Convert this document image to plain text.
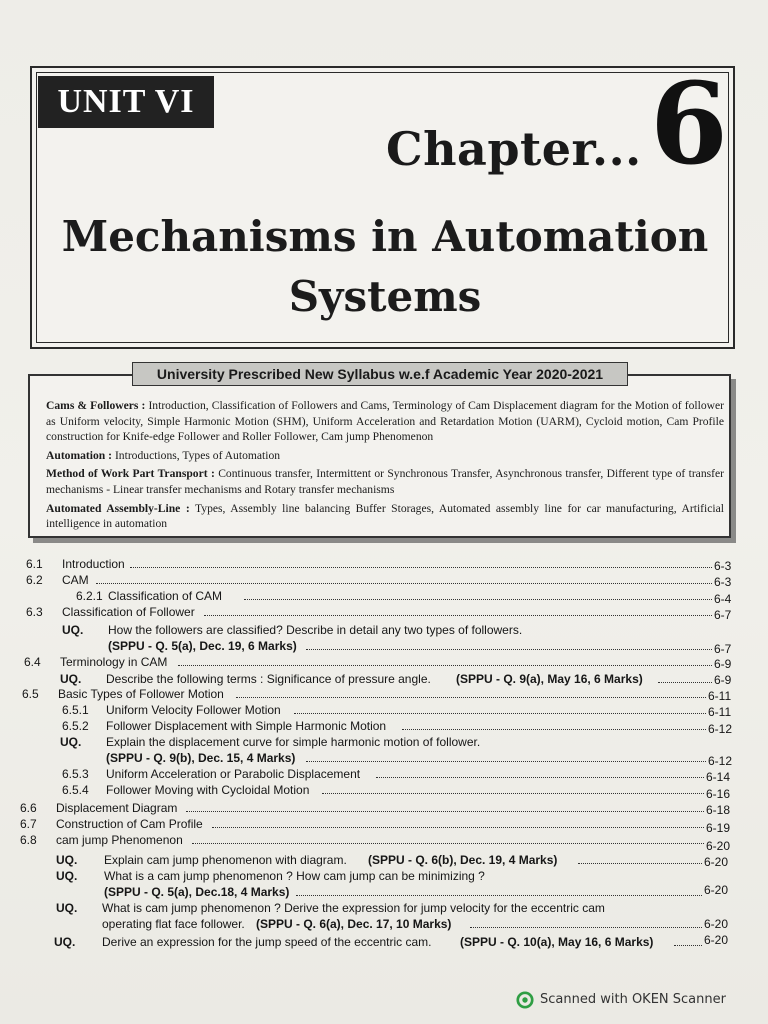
UNIT VI
Chapter... 6
Mechanisms in Automation
Systems
University Prescribed New Syllabus w.e.f Academic Year 2020-2021

Cams & Followers : Introduction, Classification of Followers and Cams, Terminology of Cam Displacement diagram for the Motion of follower as Uniform velocity, Simple Harmonic Motion (SHM), Uniform Acceleration and Retardation Motion (UARM), Cycloid motion, Cam Profile construction for Knife-edge Follower and Roller Follower, Cam jump Phenomenon

Automation : Introductions, Types of Automation

Method of Work Part Transport : Continuous transfer, Intermittent or Synchronous Transfer, Asynchronous transfer, Different type of transfer mechanisms - Linear transfer mechanisms and Rotary transfer mechanisms

Automated Assembly-Line : Types, Assembly line balancing Buffer Storages, Automated assembly line for car manufacturing, Artificial intelligence in automation

6.1 Introduction	6-3
6.2 CAM	6-3
6.2.1 Classification of CAM	6-4
6.3 Classification of Follower	6-7
UQ. How the followers are classified? Describe in detail any two types of followers.
(SPPU - Q. 5(a), Dec. 19, 6 Marks)	6-7
6.4 Terminology in CAM	6-9
UQ. Describe the following terms : Significance of pressure angle. (SPPU - Q. 9(a), May 16, 6 Marks)	6-9
6.5 Basic Types of Follower Motion	6-11
6.5.1 Uniform Velocity Follower Motion	6-11
6.5.2 Follower Displacement with Simple Harmonic Motion	6-12
UQ. Explain the displacement curve for simple harmonic motion of follower.
(SPPU - Q. 9(b), Dec. 15, 4 Marks)	6-12
6.5.3 Uniform Acceleration or Parabolic Displacement	6-14
6.5.4 Follower Moving with Cycloidal Motion	6-16
6.6 Displacement Diagram	6-18
6.7 Construction of Cam Profile	6-19
6.8 cam jump Phenomenon	6-20
UQ. Explain cam jump phenomenon with diagram. (SPPU - Q. 6(b), Dec. 19, 4 Marks)	6-20
UQ. What is a cam jump phenomenon ? How cam jump can be minimizing ?
(SPPU - Q. 5(a), Dec.18, 4 Marks)	6-20
UQ. What is cam jump phenomenon ? Derive the expression for jump velocity for the eccentric cam
operating flat face follower. (SPPU - Q. 6(a), Dec. 17, 10 Marks)	6-20
UQ. Derive an expression for the jump speed of the eccentric cam. (SPPU - Q. 10(a), May 16, 6 Marks)	6-20
Scanned with OKEN Scanner
